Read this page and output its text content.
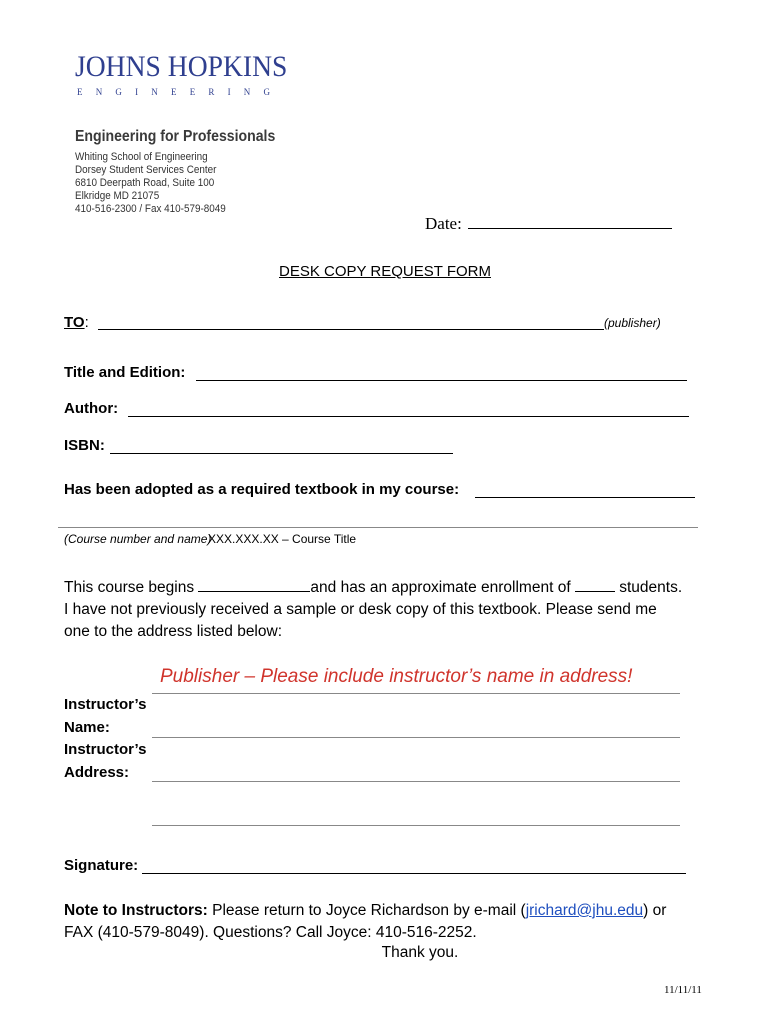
JOHNS HOPKINS
ENGINEERING
Engineering for Professionals
Whiting School of Engineering
Dorsey Student Services Center
6810 Deerpath Road, Suite 100
Elkridge MD 21075
410-516-2300 / Fax 410-579-8049
Date:
DESK COPY REQUEST FORM
TO:	(publisher)
Title and Edition:
Author:
ISBN:
Has been adopted as a required textbook in my course:
(Course number and name)
XXX.XXX.XX – Course Title
This course begins	and has an approximate enrollment of	students.
I have not previously received a sample or desk copy of this textbook. Please send me
one to the address listed below:
Publisher – Please include instructor’s name in address!
Instructor’s
Name:
Instructor’s
Address:
Signature:
Note to Instructors: Please return to Joyce Richardson by e-mail (jrichard@jhu.edu) or
FAX (410-579-8049). Questions? Call Joyce: 410-516-2252.
Thank you.
11/11/11
